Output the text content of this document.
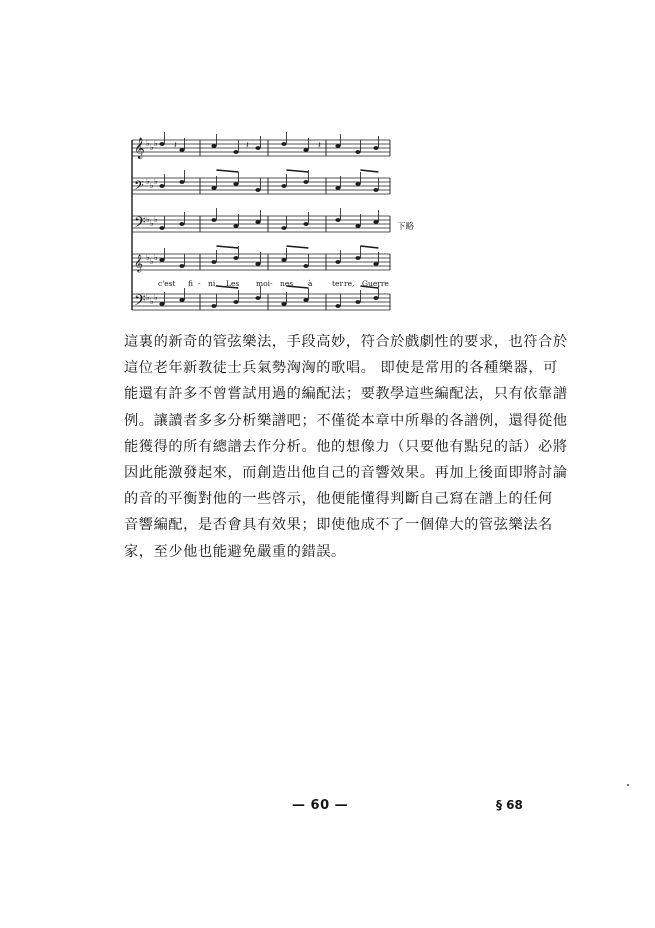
𝄞 ♭ ♭ ♭
𝄢 ♭ ♭ ♭
𝄢 ♭ ♭ ♭
𝄞 ♭ ♭ ♭
𝄢 ♭ ♭ ♭
𝄽	𝄽	𝄽
下略
c'est fi - ni, Les moi - nes à	ter re, Guerre
這裏的新奇的管弦樂法，手段高妙，符合於戲劇性的要求，也符合於
這位老年新教徒士兵氣勢洶洶的歌唱。 即使是常用的各種樂器，可
能還有許多不曾嘗試用過的編配法；要教學這些編配法，只有依靠譜
例。讓讀者多多分析樂譜吧；不僅從本章中所舉的各譜例，還得從他
能獲得的所有總譜去作分析。他的想像力（只要他有點兒的話）必將
因此能激發起來，而創造出他自己的音響效果。再加上後面即將討論
的音的平衡對他的一些啓示，他便能懂得判斷自己寫在譜上的任何
音響編配，是否會具有效果；即使他成不了一個偉大的管弦樂法名
家，至少他也能避免嚴重的錯誤。
— 60 —	§ 68
